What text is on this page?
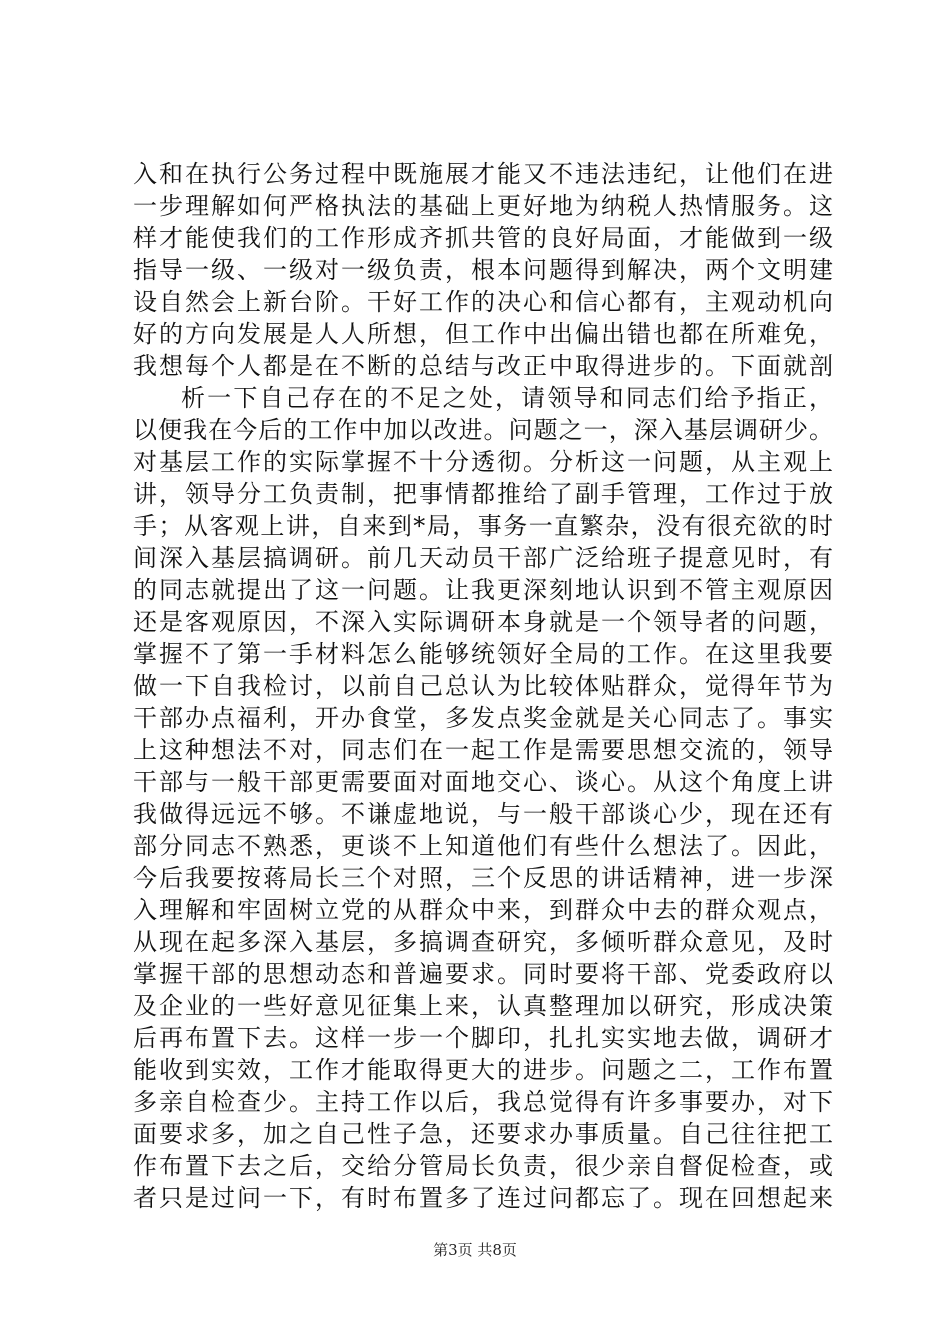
入和在执行公务过程中既施展才能又不违法违纪，让他们在进
一步理解如何严格执法的基础上更好地为纳税人热情服务。这
样才能使我们的工作形成齐抓共管的良好局面，才能做到一级
指导一级、一级对一级负责，根本问题得到解决，两个文明建
设自然会上新台阶。干好工作的决心和信心都有，主观动机向
好的方向发展是人人所想，但工作中出偏出错也都在所难免，
我想每个人都是在不断的总结与改正中取得进步的。下面就剖
析一下自己存在的不足之处，请领导和同志们给予指正，
以便我在今后的工作中加以改进。问题之一，深入基层调研少。
对基层工作的实际掌握不十分透彻。分析这一问题，从主观上
讲，领导分工负责制，把事情都推给了副手管理，工作过于放
手；从客观上讲，自来到*局，事务一直繁杂，没有很充欲的时
间深入基层搞调研。前几天动员干部广泛给班子提意见时，有
的同志就提出了这一问题。让我更深刻地认识到不管主观原因
还是客观原因，不深入实际调研本身就是一个领导者的问题，
掌握不了第一手材料怎么能够统领好全局的工作。在这里我要
做一下自我检讨，以前自己总认为比较体贴群众，觉得年节为
干部办点福利，开办食堂，多发点奖金就是关心同志了。事实
上这种想法不对，同志们在一起工作是需要思想交流的，领导
干部与一般干部更需要面对面地交心、谈心。从这个角度上讲
我做得远远不够。不谦虚地说，与一般干部谈心少，现在还有
部分同志不熟悉，更谈不上知道他们有些什么想法了。因此，
今后我要按蒋局长三个对照，三个反思的讲话精神，进一步深
入理解和牢固树立党的从群众中来，到群众中去的群众观点，
从现在起多深入基层，多搞调查研究，多倾听群众意见，及时
掌握干部的思想动态和普遍要求。同时要将干部、党委政府以
及企业的一些好意见征集上来，认真整理加以研究，形成决策
后再布置下去。这样一步一个脚印，扎扎实实地去做，调研才
能收到实效，工作才能取得更大的进步。问题之二，工作布置
多亲自检查少。主持工作以后，我总觉得有许多事要办，对下
面要求多，加之自己性子急，还要求办事质量。自己往往把工
作布置下去之后，交给分管局长负责，很少亲自督促检查，或
者只是过问一下，有时布置多了连过问都忘了。现在回想起来
第3页 共8页
